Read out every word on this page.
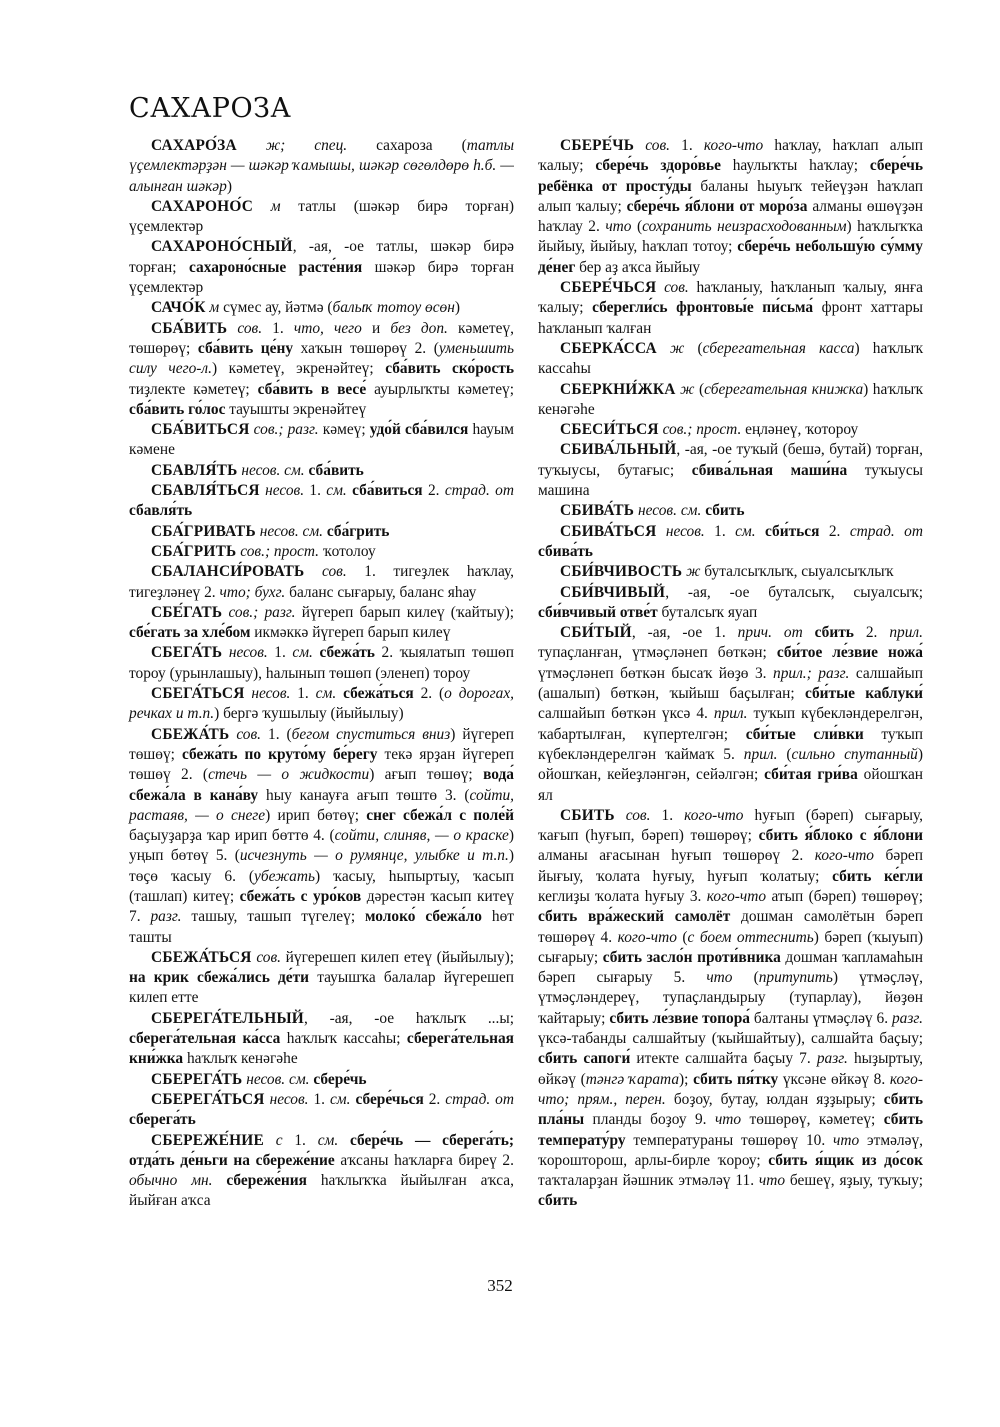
САХАРОЗА

САХАРО́ЗА ж; спец. сахароза (татлы үҫемлектәрҙән — шәкәр ҡамышы, шәкәр сөгөлдөрө һ.б. — алынған шәкәр)

САХАРОНО́С м татлы (шәкәр бирә торған) үҫемлектәр

САХАРОНО́СНЫЙ, -ая, -ое татлы, шәкәр бирә торған; сахароно́сные расте́ния шәкәр бирә торған үҫемлектәр

САЧО́К м сүмес ау, йәтмә (балыҡ тотоу өсөн)

СБА́ВИТЬ сов. 1. что, чего и без доп. кәметеү, төшөрөү; сба́вить це́ну хаҡын төшөрөү 2. (уменьшить силу чего-л.) кәметеү, экренәйтеү; сба́вить ско́рость тиҙлекте кәметеү; сба́вить в весе́ ауырлыҡты кәметеү; сба́вить го́лос тауышты экренәйтеү

СБА́ВИТЬСЯ сов.; разг. кәмеү; удо́й сба́вился һауым кәмене

СБАВЛЯ́ТЬ несов. см. сба́вить

СБАВЛЯ́ТЬСЯ несов. 1. см. сба́виться 2. страд. от сбавля́ть

СБА́ГРИВАТЬ несов. см. сба́грить

СБА́ГРИТЬ сов.; прост. ҡотолоу

СБАЛАНСИ́РОВАТЬ сов. 1. тигеҙлек һаҡлау, тигеҙләнеү 2. что; бухг. баланс сығарыу, баланс яһау

СБЕ́ГАТЬ сов.; разг. йүгереп барып килеү (ҡайтыу); сбе́гать за хле́бом икмәккә йүгереп барып килеү

СБЕГА́ТЬ несов. 1. см. сбежа́ть 2. ҡыялатып төшөп тороу (урынлашыу), һалынып төшөп (эленеп) тороу

СБЕГА́ТЬСЯ несов. 1. см. сбежа́ться 2. (о дорогах, речках и т.п.) бергә ҡушылыу (йыйылыу)

СБЕЖА́ТЬ сов. 1. (бегом спуститься вниз) йүгереп төшөү; сбежа́ть по круто́му бе́регу текә ярҙан йүгереп төшөү 2. (стечь — о жидкости) ағып төшөү; вода́ сбежа́ла в кана́ву һыу канауға ағып төштө 3. (сойти, растаяв, — о снеге) ирип бөтөү; снег сбежа́л с поле́й баҫыуҙарҙа ҡар ирип бөттө 4. (сойти, слиняв, — о краске) уңып бөтөү 5. (исчезнуть — о румянце, улыбке и т.п.) төҫө ҡасыу 6. (убежать) ҡасыу, һыпыртыу, ҡасып (ташлап) китеү; сбежа́ть с уро́ков дәрестән ҡасып китеү 7. разг. ташыу, ташып түгелеү; молоко́ сбежа́ло һөт ташты

СБЕЖА́ТЬСЯ сов. йүгерешеп килеп етеү (йыйылыу); на крик сбежа́лись де́ти тауышҡа балалар йүгерешеп килеп етте

СБЕРЕГА́ТЕЛЬНЫЙ, -ая, -ое һаҡлыҡ ...ы; сберега́тельная ка́сса һаҡлыҡ кассаһы; сберега́тельная кни́жка һаҡлыҡ кенәгәһе

СБЕРЕГА́ТЬ несов. см. сбере́чь

СБЕРЕГА́ТЬСЯ несов. 1. см. сбере́чься 2. страд. от сберега́ть

СБЕРЕЖЕ́НИЕ с 1. см. сбере́чь — сберега́ть; отда́ть де́ньги на сбереже́ние аҡсаны һаҡларға биреү 2. обычно мн. сбереже́ния һаҡлыҡҡа йыйылған аҡса, йыйған аҡса

СБЕРЕ́ЧЬ сов. 1. кого-что һаҡлау, һаҡлап алып ҡалыу; сбере́чь здоро́вье һаулыҡты һаҡлау; сбере́чь ребёнка от просту́ды баланы һыуыҡ тейеүҙән һаҡлап алып ҡалыу; сбере́чь я́блони от моро́за алманы өшөүҙән һаҡлау 2. что (сохранить неизрасходованным) һаҡлыҡҡа йыйыу, йыйыу, һаҡлап тотоу; сбере́чь небольшу́ю су́мму де́нег бер аҙ аҡса йыйыу

СБЕРЕ́ЧЬСЯ сов. һаҡланыу, һаҡланып ҡалыу, янға ҡалыу; сберегли́сь фронтовы́е пи́сьма́ фронт хаттары һаҡланып ҡалған

СБЕРКА́ССА ж (сберегательная касса) һаҡлыҡ кассаһы

СБЕРКНИ́ЖКА ж (сберегательная книжка) һаҡлыҡ кенәгәһе

СБЕСИ́ТЬСЯ сов.; прост. еңләнеү, ҡотороу

СБИВА́ЛЬНЫЙ, -ая, -ое туҡый (бешә, бутай) торған, туҡыусы, бутағыс; сбива́льная маши́на туҡыусы машина

СБИВА́ТЬ несов. см. сбить

СБИВА́ТЬСЯ несов. 1. см. сби́ться 2. страд. от сбива́ть

СБИ́ВЧИВОСТЬ ж буталсыҡлыҡ, сыуалсыҡлыҡ

СБИ́ВЧИВЫЙ, -ая, -ое буталсыҡ, сыуалсыҡ; сби́вчивый отве́т буталсыҡ яуап

СБИ́ТЫЙ, -ая, -ое 1. прич. от сбить 2. прил. тупаҫланған, үтмәҫләнеп бөткән; сби́тое ле́звие ножа́ үтмәҫләнеп бөткән бысаҡ йөҙө 3. прил.; разг. салшайып (ашалып) бөткән, ҡыйыш баҫылған; сби́тые каблуки́ салшайып бөткән үксә 4. прил. туҡып күбекләндерелгән, ҡабартылған, күпертелгән; сби́тые сли́вки туҡып күбекләндерелгән ҡаймаҡ 5. прил. (сильно спутанный) ойошҡан, кейеҙләнгән, сейәлгән; сби́тая гри́ва ойошҡан ял

СБИТЬ сов. 1. кого-что һуғып (бәреп) сығарыу, ҡағып (һуғып, бәреп) төшөрөү; сбить я́блоко с я́блони алманы ағасынан һуғып төшөрөү 2. кого-что бәреп йығыу, ҡолата һуғыу, һуғып ҡолатыу; сбить ке́гли кеглиҙы ҡолата һуғыу 3. кого-что атып (бәреп) төшөрөү; сбить вра́жеский самолёт дошман самолётын бәреп төшөрөү 4. кого-что (с боем оттеснить) бәреп (ҡыуып) сығарыу; сбить засло́н проти́вника дошман ҡапламаһын бәреп сығарыу 5. что (притупить) үтмәҫләү, үтмәҫләндереү, тупаҫландырыу (тупарлау), йөҙөн ҡайтарыу; сбить ле́звие топора́ балтаны үтмәҫләү 6. разг. үксә-табанды салшайтыу (ҡыйшайтыу), салшайта баҫыу; сбить сапоги́ итекте салшайта баҫыу 7. разг. һыҙыртыу, өйкәү (тәнгә ҡарата); сбить пя́тку үксәне өйкәү 8. кого-что; прям., перен. боҙоу, бутау, юлдан яҙҙырыу; сбить пла́ны планды боҙоу 9. что төшөрөү, кәметеү; сбить температу́ру температураны төшөрөү 10. что этмәләү, ҡорошторош, арлы-бирле ҡороу; сбить я́щик из до́сок таҡталарҙан йәшник этмәләү 11. что бешеү, яҙыу, туҡыу; сбить

352
